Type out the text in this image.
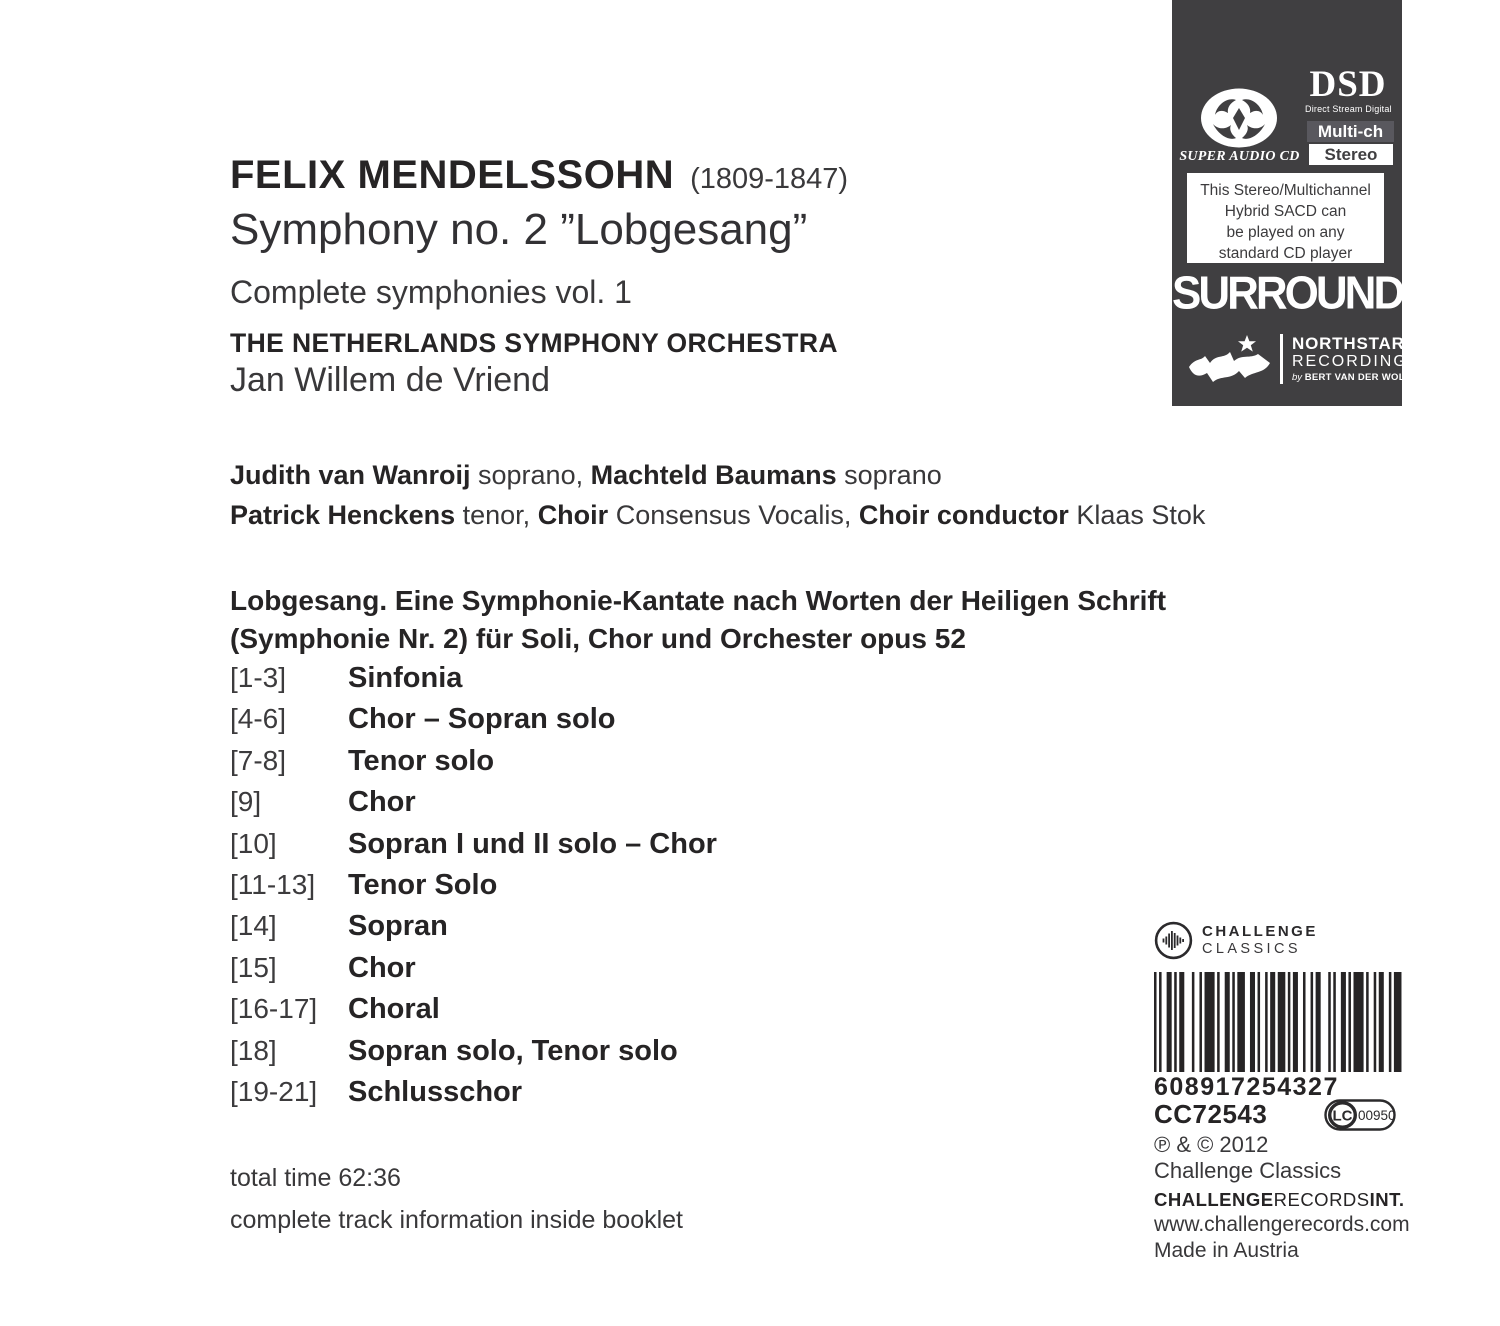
FELIX MENDELSSOHN (1809-1847)
Symphony no. 2 ”Lobgesang”
Complete symphonies vol. 1
THE NETHERLANDS SYMPHONY ORCHESTRA
Jan Willem de Vriend
Judith van Wanroij soprano, Machteld Baumans soprano
Patrick Henckens tenor, Choir Consensus Vocalis, Choir conductor Klaas Stok
Lobgesang. Eine Symphonie-Kantate nach Worten der Heiligen Schrift
(Symphonie Nr. 2) für Soli, Chor und Orchester opus 52
[1-3]	Sinfonia
[4-6]	Chor – Sopran solo
[7-8]	Tenor solo
[9]	Chor
[10]	Sopran I und II solo – Chor
[11-13]	Tenor Solo
[14]	Sopran
[15]	Chor
[16-17]	Choral
[18]	Sopran solo, Tenor solo
[19-21]	Schlusschor
total time 62:36
complete track information inside booklet
SUPER AUDIO CD
DSD
Direct Stream Digital
Multi-ch
Stereo
This Stereo/Multichannel
Hybrid SACD can
be played on any
standard CD player
SURROUND
NORTHSTAR
RECORDING
by BERT VAN DER WOLF
CHALLENGE
CLASSICS
608917254327
CC72543	LC 00950
℗ & © 2012
Challenge Classics
CHALLENGERECORDSINT.
www.challengerecords.com
Made in Austria
